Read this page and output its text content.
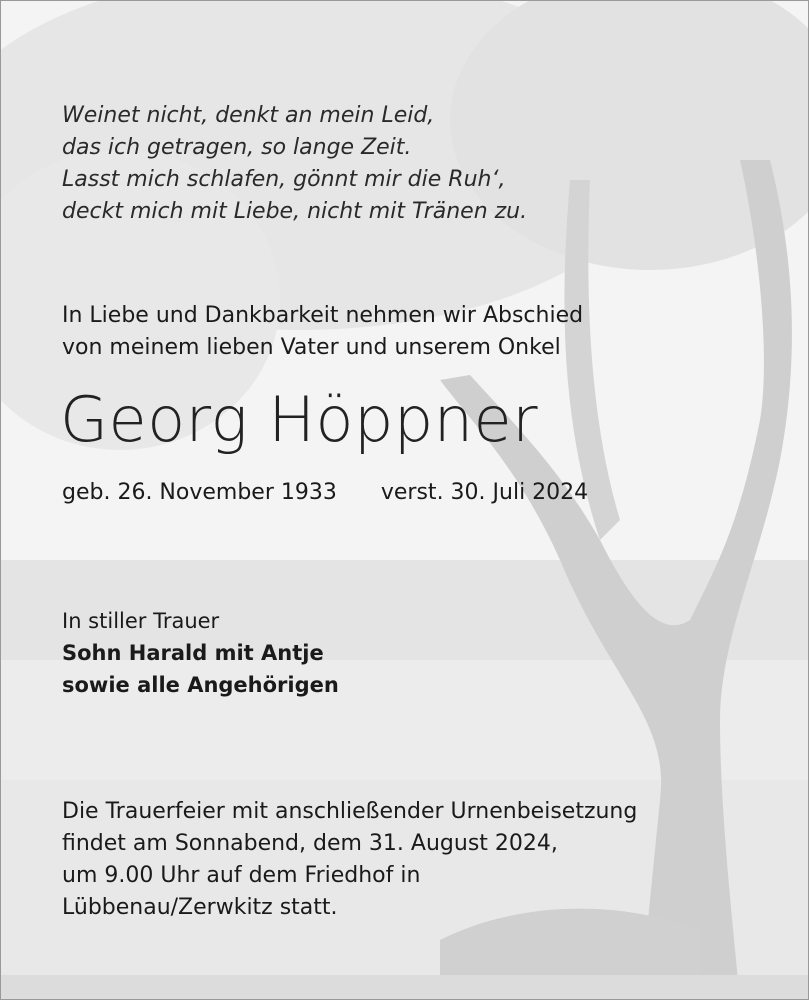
Weinet nicht, denkt an mein Leid,
das ich getragen, so lange Zeit.
Lasst mich schlafen, gönnt mir die Ruh‘,
deckt mich mit Liebe, nicht mit Tränen zu.
In Liebe und Dankbarkeit nehmen wir Abschied
von meinem lieben Vater und unserem Onkel
Georg Höppner
geb. 26. November 1933 verst. 30. Juli 2024
In stiller Trauer
Sohn Harald mit Antje
sowie alle Angehörigen
Die Trauerfeier mit anschließender Urnenbeisetzung
findet am Sonnabend, dem 31. August 2024,
um 9.00 Uhr auf dem Friedhof in
Lübbenau/Zerwkitz statt.
